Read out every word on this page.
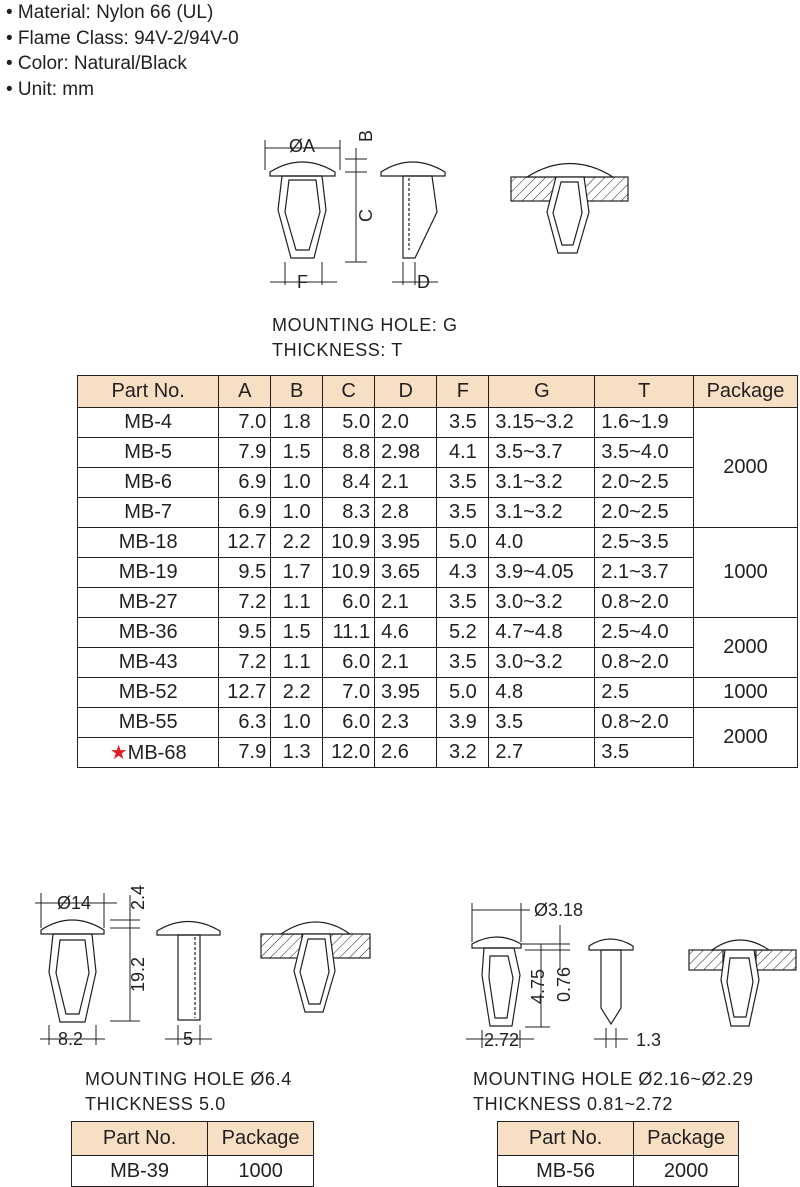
• Material: Nylon 66 (UL)
• Flame Class: 94V-2/94V-0
• Color: Natural/Black
• Unit: mm
ØA
B
C
F	D
Ø14 2.4
19.2
8.2	5
Ø3.18
4.75 0.76
2.72	1.3
MOUNTING HOLE: G
THICKNESS: T
Part No.	A	B	C	D	F	G	T	Package
MB-4	7.0	1.8	5.0	2.0	3.5	3.15~3.2	1.6~1.9	2000
MB-5	7.9	1.5	8.8	2.98	4.1	3.5~3.7	3.5~4.0	
MB-6	6.9	1.0	8.4	2.1	3.5	3.1~3.2	2.0~2.5	
MB-7	6.9	1.0	8.3	2.8	3.5	3.1~3.2	2.0~2.5	
MB-18	12.7	2.2	10.9	3.95	5.0	4.0	2.5~3.5	1000
MB-19	9.5	1.7	10.9	3.65	4.3	3.9~4.05	2.1~3.7	
MB-27	7.2	1.1	6.0	2.1	3.5	3.0~3.2	0.8~2.0	
MB-36	9.5	1.5	11.1	4.6	5.2	4.7~4.8	2.5~4.0	2000
MB-43	7.2	1.1	6.0	2.1	3.5	3.0~3.2	0.8~2.0	
MB-52	12.7	2.2	7.0	3.95	5.0	4.8	2.5	1000
MB-55	6.3	1.0	6.0	2.3	3.9	3.5	0.8~2.0	2000
★MB-68	7.9	1.3	12.0	2.6	3.2	2.7	3.5	
MOUNTING HOLE Ø6.4
THICKNESS 5.0
Part No.	Package
MB-39	1000
MOUNTING HOLE Ø2.16~Ø2.29
THICKNESS 0.81~2.72
Part No.	Package
MB-56	2000
